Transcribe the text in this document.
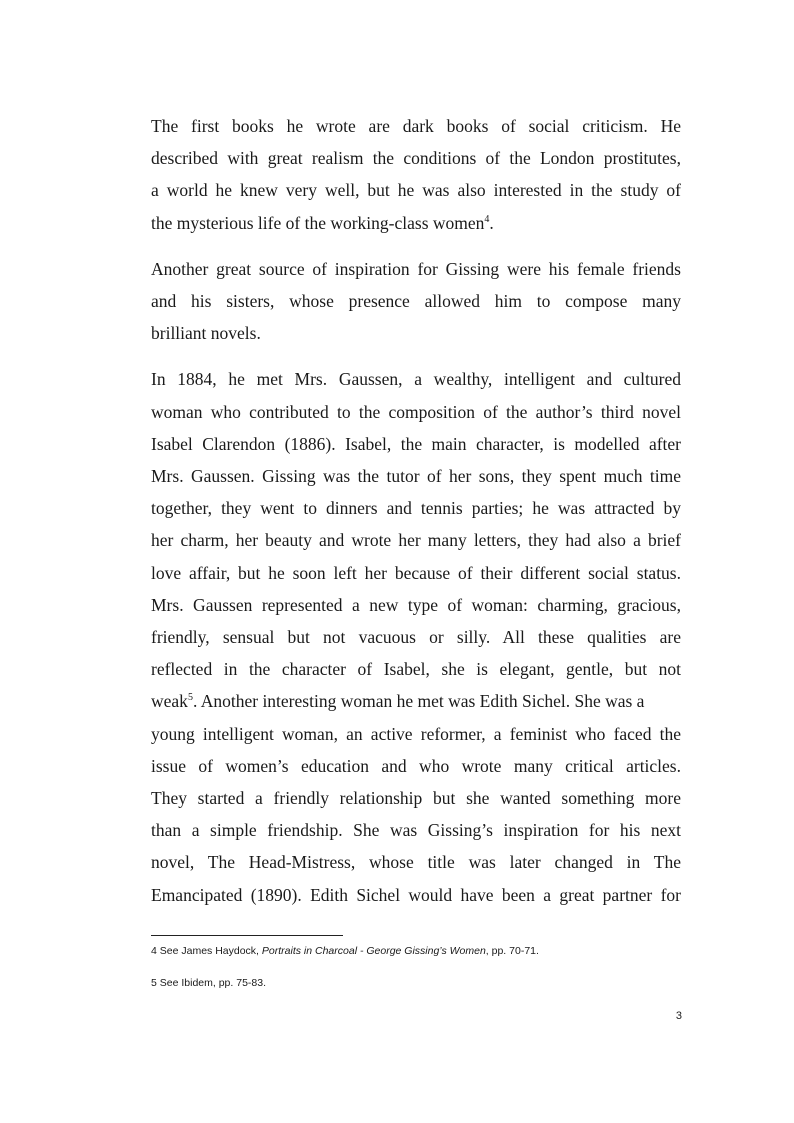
The first books he wrote are dark books of social criticism. He
described with great realism the conditions of the London prostitutes,
a world he knew very well, but he was also interested in the study of
the mysterious life of the working-class women$^4$.
Another great source of inspiration for Gissing were his female friends
and his sisters, whose presence allowed him to compose many
brilliant novels.
In 1884, he met Mrs. Gaussen, a wealthy, intelligent and cultured
woman who contributed to the composition of the author’s third novel
Isabel Clarendon (1886). Isabel, the main character, is modelled after
Mrs. Gaussen. Gissing was the tutor of her sons, they spent much time
together, they went to dinners and tennis parties; he was attracted by
her charm, her beauty and wrote her many letters, they had also a brief
love affair, but he soon left her because of their different social status.
Mrs. Gaussen represented a new type of woman: charming, gracious,
friendly, sensual but not vacuous or silly. All these qualities are
reflected in the character of Isabel, she is elegant, gentle, but not
weak$^5$. Another interesting woman he met was Edith Sichel. She was a
young intelligent woman, an active reformer, a feminist who faced the
issue of women’s education and who wrote many critical articles.
They started a friendly relationship but she wanted something more
than a simple friendship. She was Gissing’s inspiration for his next
novel, The Head-Mistress, whose title was later changed in The
Emancipated (1890). Edith Sichel would have been a great partner for
4 See James Haydock, Portraits in Charcoal - George Gissing’s Women, pp. 70-71.
5 See Ibidem, pp. 75-83.
3
